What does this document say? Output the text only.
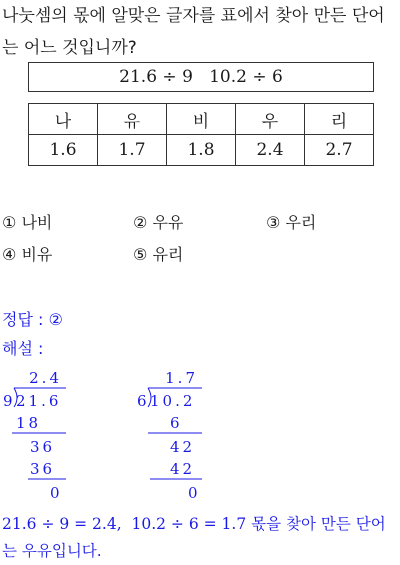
나눗셈의 몫에 알맞은 글자를 표에서 찾아 만든 단어
는 어느 것입니까?
21.6 ÷ 9   10.2 ÷ 6
나	유	비	우	리
1.6	1.7	1.8	2.4	2.7
① 나비	② 우유	③ 우리
④ 비유	⑤ 유리
정답 : ②
해설 :
2.4
9 21.6
18
36
36
0
1.7
6 10.2
6
42
42
0
21.6 ÷ 9 = 2.4,  10.2 ÷ 6 = 1.7 몫을 찾아 만든 단어
는 우유입니다.
